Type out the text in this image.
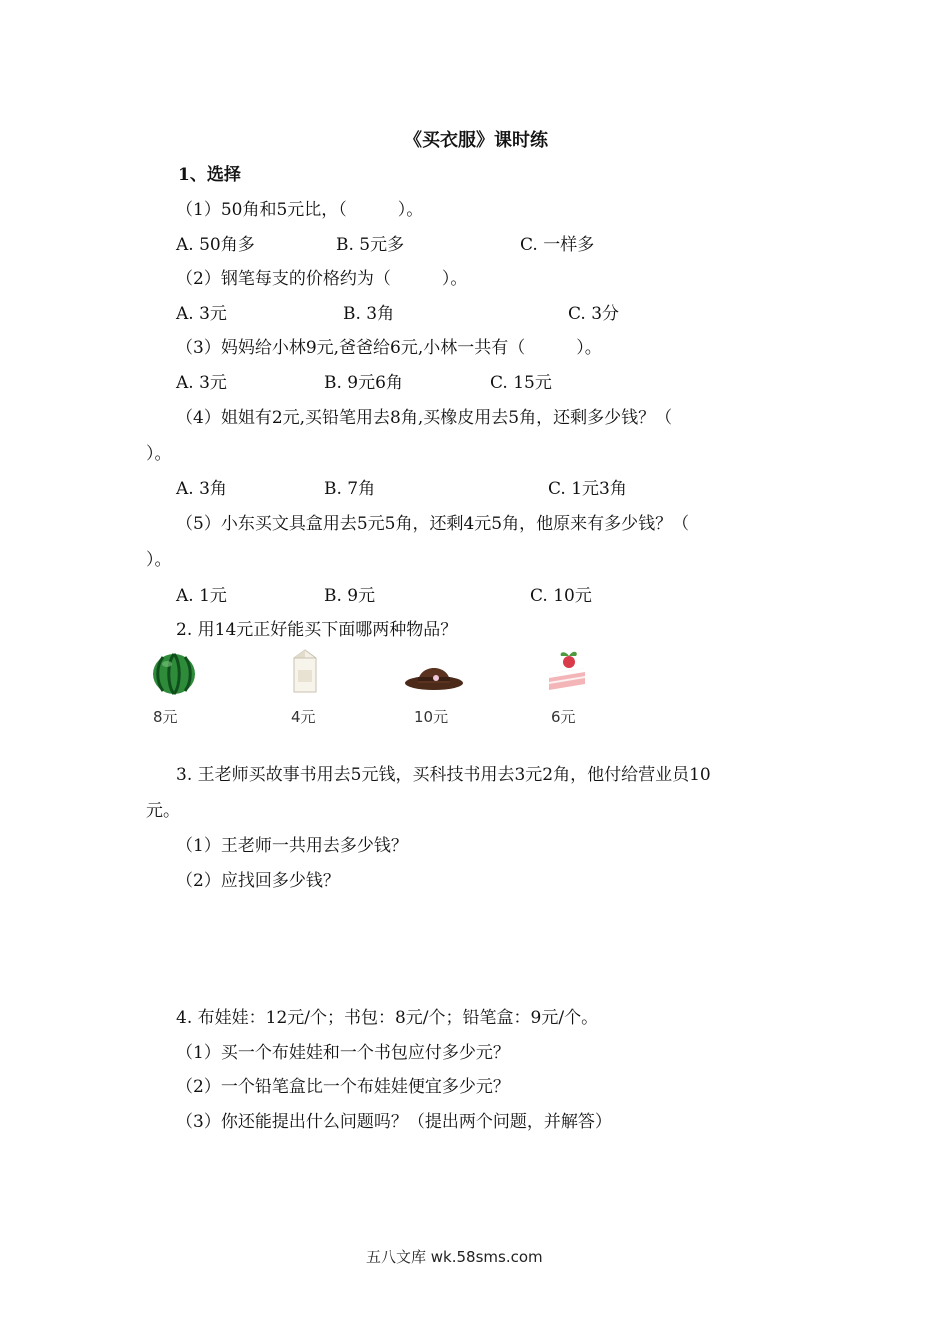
《买衣服》课时练
1、选择
（1）50角和5元比，（　　　）。
A. 50角多	B. 5元多	C. 一样多
（2）钢笔每支的价格约为（　　　）。
A. 3元	B. 3角	C. 3分
（3）妈妈给小林9元,爸爸给6元,小林一共有（　　　）。
A. 3元	B. 9元6角	C. 15元
（4）姐姐有2元,买铅笔用去8角,买橡皮用去5角，还剩多少钱？（
）。
A. 3角	B. 7角	C. 1元3角
（5）小东买文具盒用去5元5角，还剩4元5角，他原来有多少钱？（
）。
A. 1元	B. 9元	C. 10元
2. 用14元正好能买下面哪两种物品？
8元	4元	10元	6元
3. 王老师买故事书用去5元钱，买科技书用去3元2角，他付给营业员10
元。
（1）王老师一共用去多少钱？
（2）应找回多少钱？
4. 布娃娃：12元/个；书包：8元/个；铅笔盒：9元/个。
（1）买一个布娃娃和一个书包应付多少元？
（2）一个铅笔盒比一个布娃娃便宜多少元？
（3）你还能提出什么问题吗？（提出两个问题，并解答）
五八文库 wk.58sms.com
